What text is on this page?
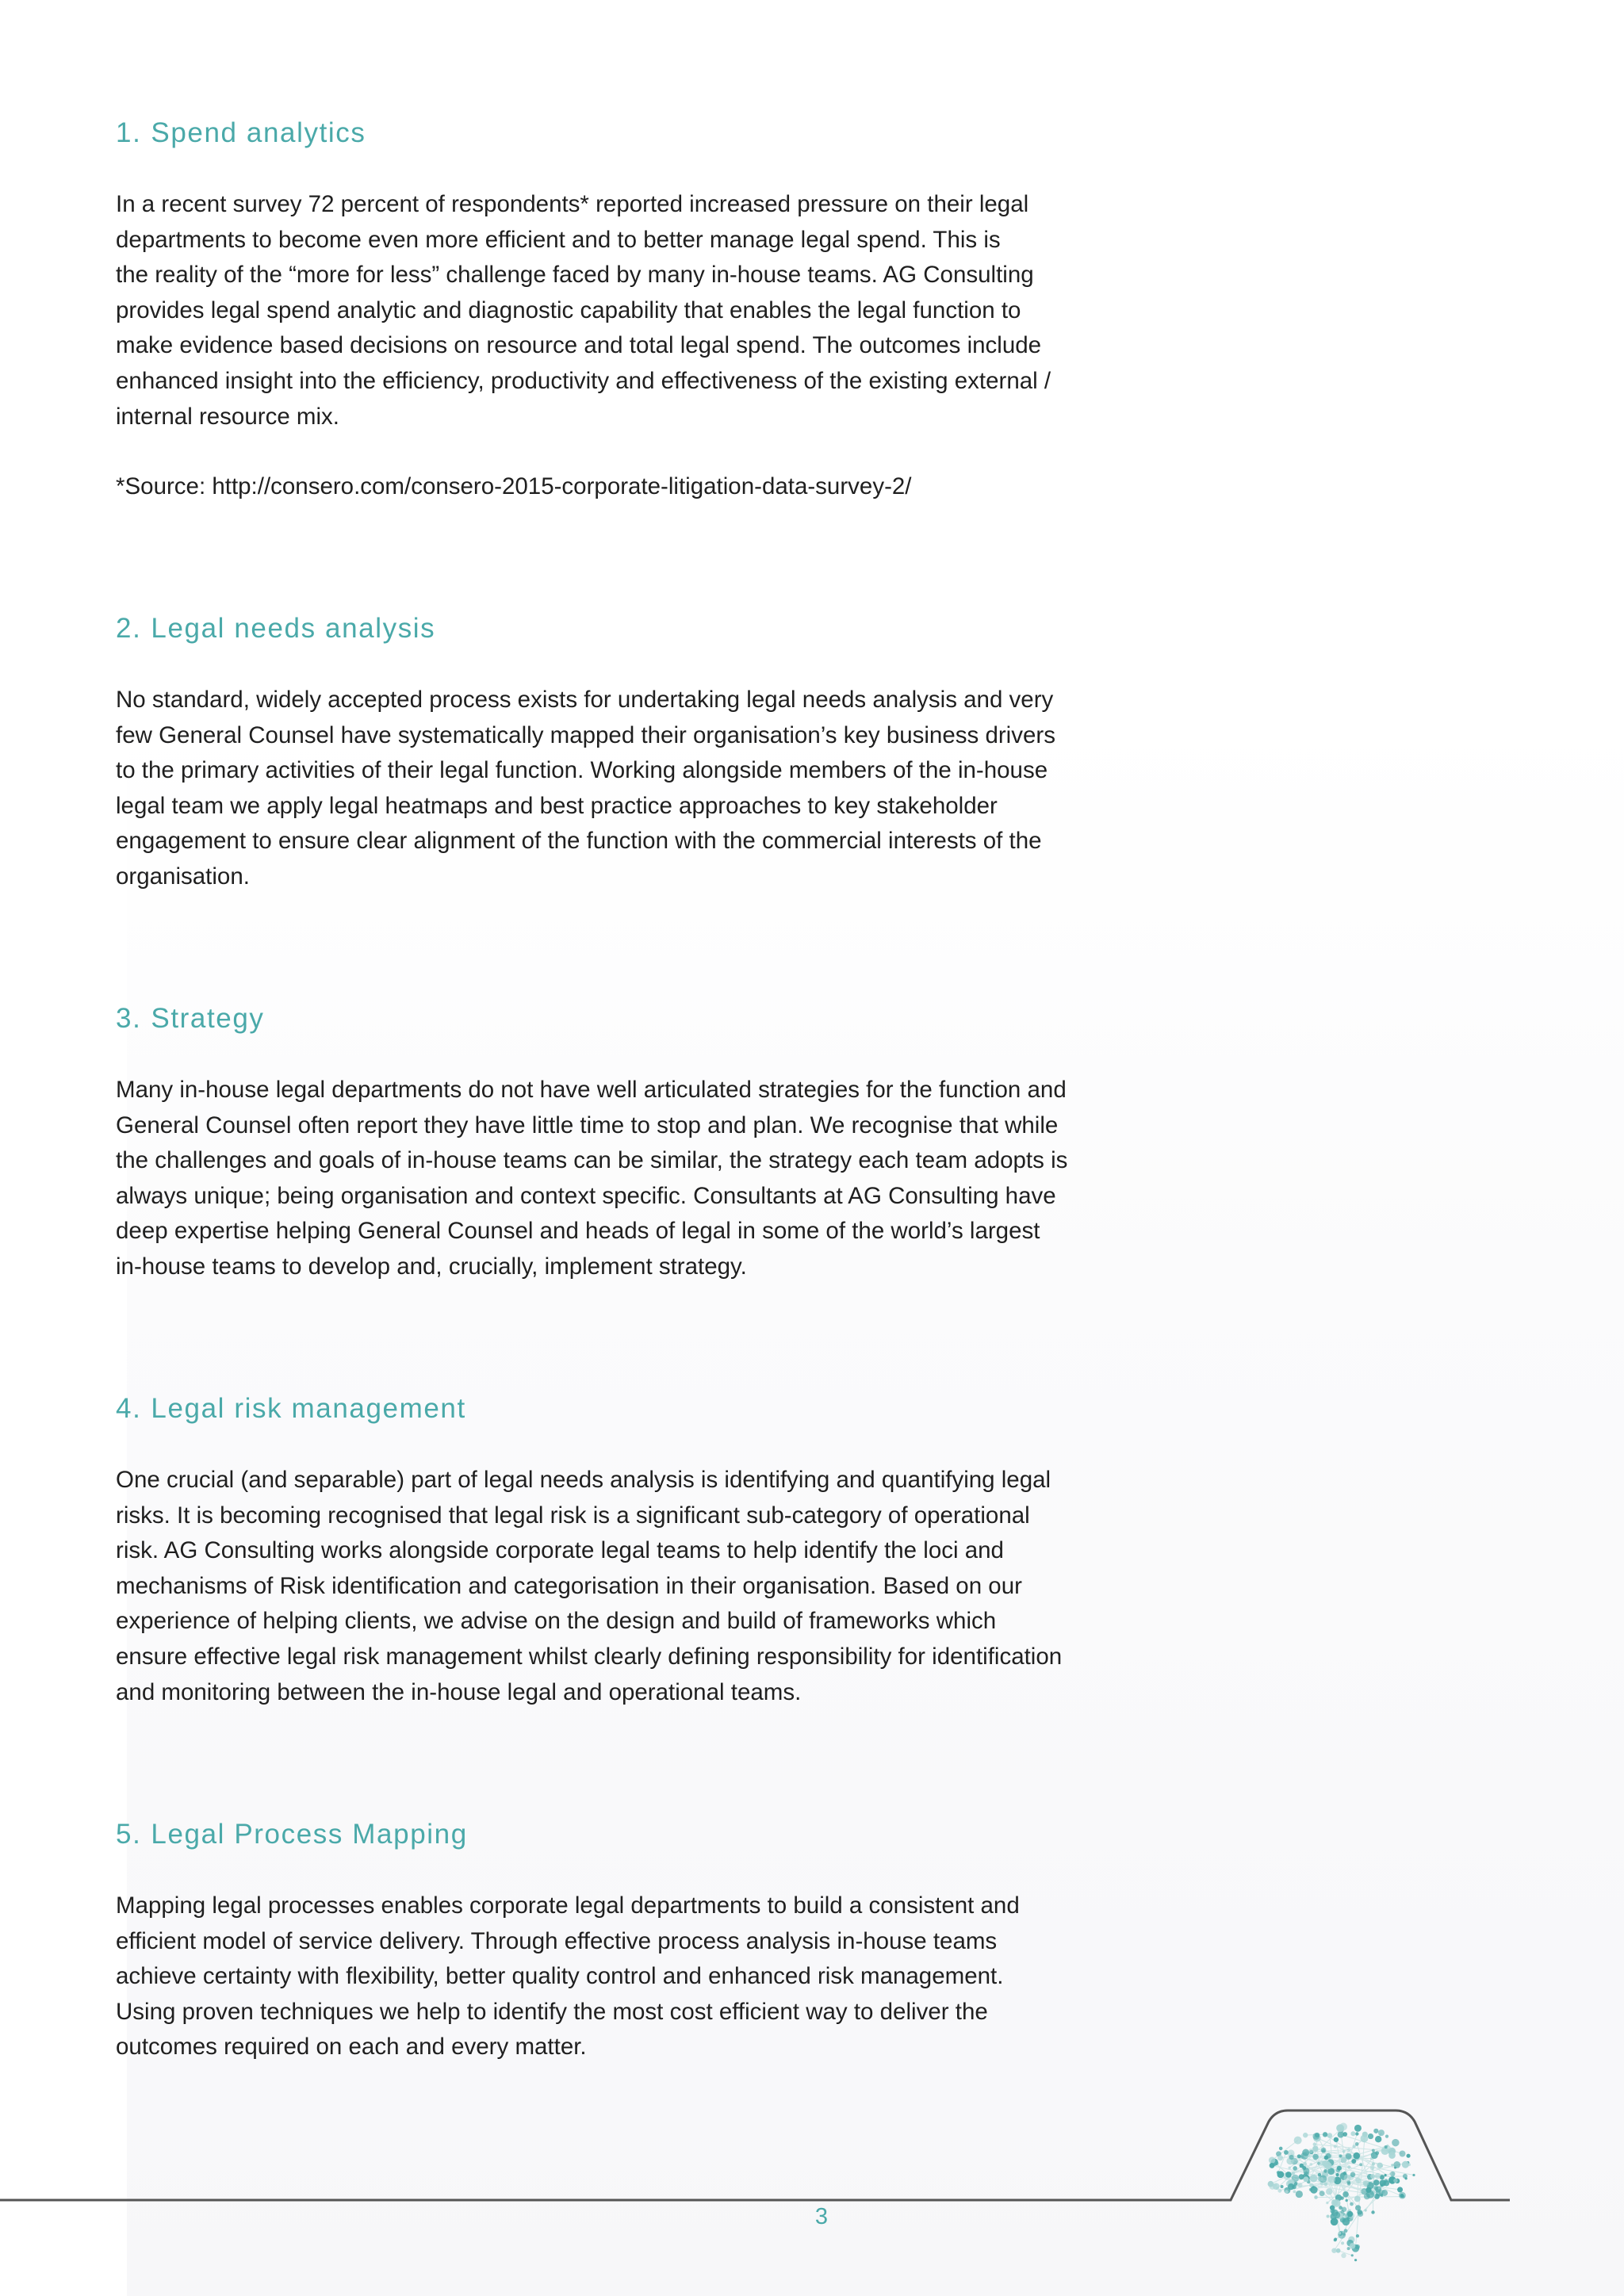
1. Spend analytics

In a recent survey 72 percent of respondents* reported increased pressure on their legal
departments to become even more efficient and to better manage legal spend. This is
the reality of the “more for less” challenge faced by many in-house teams. AG Consulting
provides legal spend analytic and diagnostic capability that enables the legal function to
make evidence based decisions on resource and total legal spend. The outcomes include
enhanced insight into the efficiency, productivity and effectiveness of the existing external /
internal resource mix.

*Source: http://consero.com/consero-2015-corporate-litigation-data-survey-2/

2. Legal needs analysis

No standard, widely accepted process exists for undertaking legal needs analysis and very
few General Counsel have systematically mapped their organisation’s key business drivers
to the primary activities of their legal function. Working alongside members of the in-house
legal team we apply legal heatmaps and best practice approaches to key stakeholder
engagement to ensure clear alignment of the function with the commercial interests of the
organisation.

3. Strategy

Many in-house legal departments do not have well articulated strategies for the function and
General Counsel often report they have little time to stop and plan. We recognise that while
the challenges and goals of in-house teams can be similar, the strategy each team adopts is
always unique; being organisation and context specific. Consultants at AG Consulting have
deep expertise helping General Counsel and heads of legal in some of the world’s largest
in-house teams to develop and, crucially, implement strategy.

4. Legal risk management

One crucial (and separable) part of legal needs analysis is identifying and quantifying legal
risks. It is becoming recognised that legal risk is a significant sub-category of operational
risk. AG Consulting works alongside corporate legal teams to help identify the loci and
mechanisms of Risk identification and categorisation in their organisation. Based on our
experience of helping clients, we advise on the design and build of frameworks which
ensure effective legal risk management whilst clearly defining responsibility for identification
and monitoring between the in-house legal and operational teams.

5. Legal Process Mapping

Mapping legal processes enables corporate legal departments to build a consistent and
efficient model of service delivery. Through effective process analysis in-house teams
achieve certainty with flexibility, better quality control and enhanced risk management.
Using proven techniques we help to identify the most cost efficient way to deliver the
outcomes required on each and every matter.

3
